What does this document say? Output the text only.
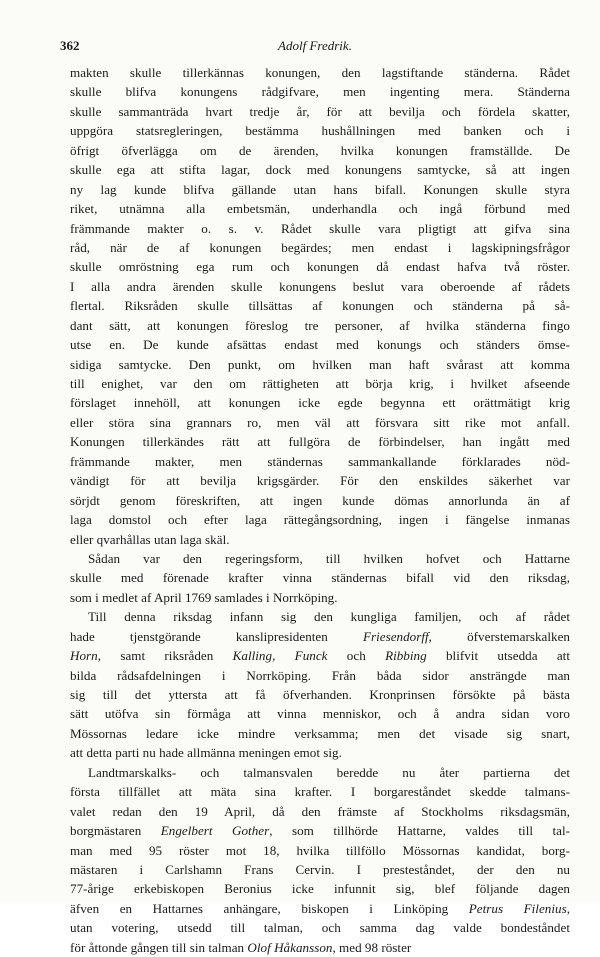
362	Adolf Fredrik.
makten skulle tillerkännas konungen, den lagstiftande ständerna. Rådet
skulle blifva konungens rådgifvare, men ingenting mera. Ständerna
skulle sammanträda hvart tredje år, för att bevilja och fördela skatter,
uppgöra statsregleringen, bestämma hushållningen med banken och i
öfrigt öfverlägga om de ärenden, hvilka konungen framställde. De
skulle ega att stifta lagar, dock med konungens samtycke, så att ingen
ny lag kunde blifva gällande utan hans bifall. Konungen skulle styra
riket, utnämna alla embetsmän, underhandla och ingå förbund med
främmande makter o. s. v. Rådet skulle vara pligtigt att gifva sina
råd, när de af konungen begärdes; men endast i lagskipningsfrågor
skulle omröstning ega rum och konungen då endast hafva två röster.
I alla andra ärenden skulle konungens beslut vara oberoende af rådets
flertal. Riksråden skulle tillsättas af konungen och ständerna på så-
dant sätt, att konungen föreslog tre personer, af hvilka ständerna fingo
utse en. De kunde afsättas endast med konungs och ständers ömse-
sidiga samtycke. Den punkt, om hvilken man haft svårast att komma
till enighet, var den om rättigheten att börja krig, i hvilket afseende
förslaget innehöll, att konungen icke egde begynna ett orättmätigt krig
eller störa sina grannars ro, men väl att försvara sitt rike mot anfall.
Konungen tillerkändes rätt att fullgöra de förbindelser, han ingått med
främmande makter, men ständernas sammankallande förklarades nöd-
vändigt för att bevilja krigsgärder. För den enskildes säkerhet var
sörjdt genom föreskriften, att ingen kunde dömas annorlunda än af
laga domstol och efter laga rättegångsordning, ingen i fängelse inmanas
eller qvarhållas utan laga skäl.
Sådan var den regeringsform, till hvilken hofvet och Hattarne
skulle med förenade krafter vinna ständernas bifall vid den riksdag,
som i medlet af April 1769 samlades i Norrköping.
Till denna riksdag infann sig den kungliga familjen, och af rådet
hade tjenstgörande kanslipresidenten Friesendorff, öfverstemarskalken
Horn, samt riksråden Kalling, Funck och Ribbing blifvit utsedda att
bilda rådsafdelningen i Norrköping. Från båda sidor ansträngde man
sig till det yttersta att få öfverhanden. Kronprinsen försökte på bästa
sätt utöfva sin förmåga att vinna menniskor, och å andra sidan voro
Mössornas ledare icke mindre verksamma; men det visade sig snart,
att detta parti nu hade allmänna meningen emot sig.
Landtmarskalks- och talmansvalen beredde nu åter partierna det
första tillfället att mäta sina krafter. I borgareståndet skedde talmans-
valet redan den 19 April, då den främste af Stockholms riksdagsmän,
borgmästaren Engelbert Gother, som tillhörde Hattarne, valdes till tal-
man med 95 röster mot 18, hvilka tillföllo Mössornas kandidat, borg-
mästaren i Carlshamn Frans Cervin. I presteståndet, der den nu
77-årige erkebiskopen Beronius icke infunnit sig, blef följande dagen
äfven en Hattarnes anhängare, biskopen i Linköping Petrus Filenius,
utan votering, utsedd till talman, och samma dag valde bondeståndet
för åttonde gången till sin talman Olof Håkansson, med 98 röster
